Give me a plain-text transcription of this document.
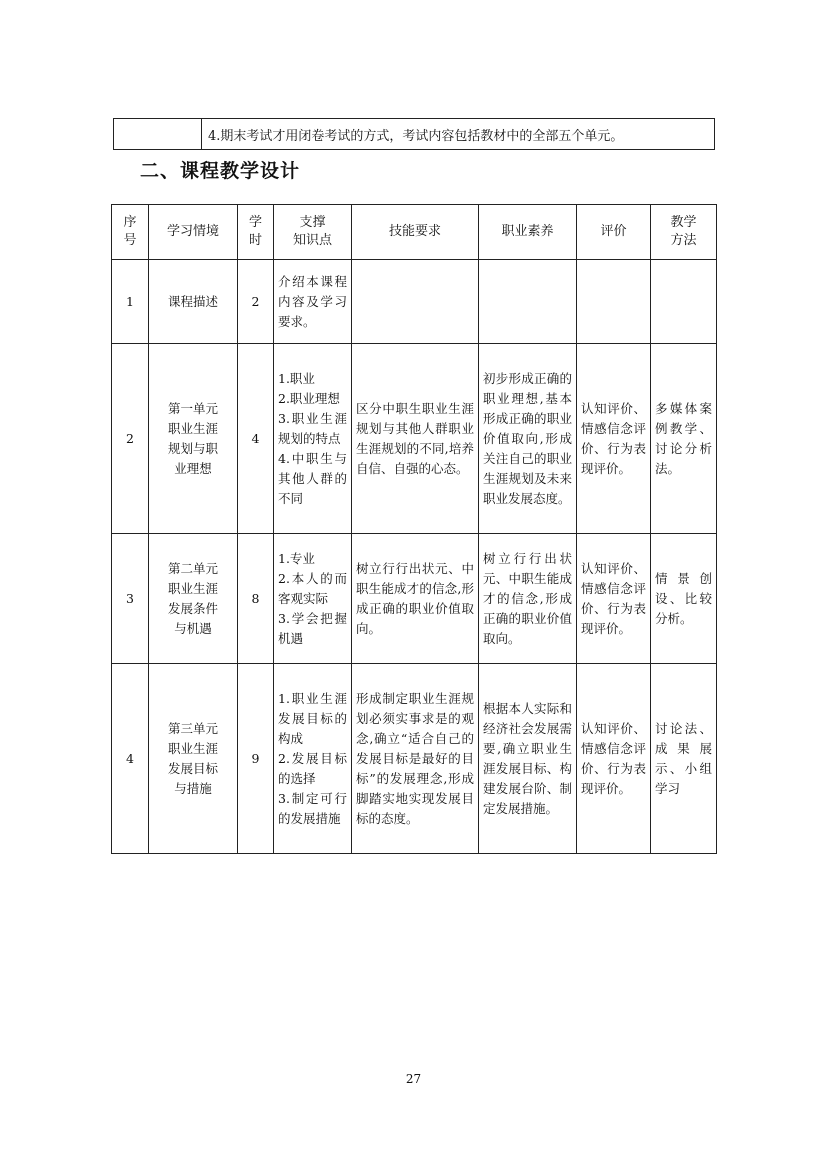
	4.期末考试才用闭卷考试的方式，考试内容包括教材中的全部五个单元。
二、课程教学设计
序
号	学习情境	学
时	支撑
知识点	技能要求	职业素养	评价	教学
方法
1	课程描述	2	介绍本课程内容及学习要求。				
2	第一单元
职业生涯
规划与职
业理想	4	1.职业
2.职业理想
3.职业生涯规划的特点
4.中职生与其他人群的不同	区分中职生职业生涯规划与其他人群职业生涯规划的不同,培养自信、自强的心态。	初步形成正确的职业理想,基本形成正确的职业价值取向,形成关注自己的职业生涯规划及未来职业发展态度。	认知评价、情感信念评价、行为表现评价。	多媒体案例教学、讨论分析法。
3	第二单元
职业生涯
发展条件
与机遇	8	1.专业
2.本人的而客观实际
3.学会把握机遇	树立行行出状元、中职生能成才的信念,形成正确的职业价值取向。	树立行行出状元、中职生能成才的信念,形成正确的职业价值取向。	认知评价、情感信念评价、行为表现评价。	情景创设、比较分析。
4	第三单元
职业生涯
发展目标
与措施	9	1.职业生涯发展目标的构成
2.发展目标的选择
3.制定可行的发展措施	形成制定职业生涯规划必须实事求是的观念,确立“适合自己的发展目标是最好的目标”的发展理念,形成脚踏实地实现发展目标的态度。	根据本人实际和经济社会发展需要,确立职业生涯发展目标、构建发展台阶、制定发展措施。	认知评价、情感信念评价、行为表现评价。	讨论法、成果展示、小组学习
27
